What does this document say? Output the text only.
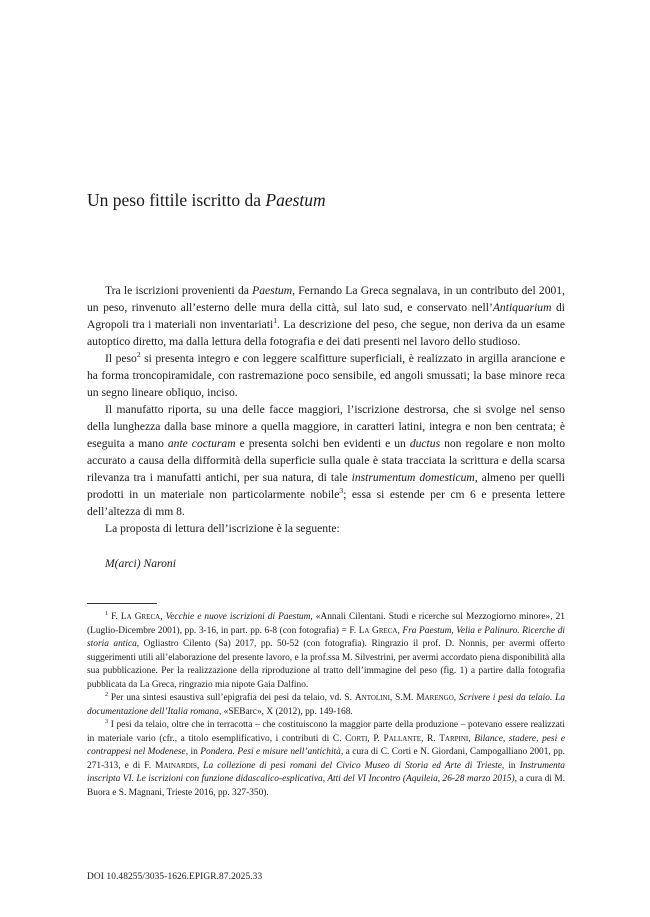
Un peso fittile iscritto da Paestum

Tra le iscrizioni provenienti da Paestum, Fernando La Greca segnalava, in un contributo del 2001, un peso, rinvenuto all’esterno delle mura della città, sul lato sud, e conservato nell’Antiquarium di Agropoli tra i materiali non inventariati$^1$. La descrizione del peso, che segue, non deriva da un esame autoptico diretto, ma dalla lettura della fotografia e dei dati presenti nel lavoro dello studioso.

Il peso$^2$ si presenta integro e con leggere scalfitture superficiali, è realizzato in argilla arancione e ha forma troncopiramidale, con rastremazione poco sensibile, ed angoli smussati; la base minore reca un segno lineare obliquo, inciso.

Il manufatto riporta, su una delle facce maggiori, l’iscrizione destrorsa, che si svolge nel senso della lunghezza dalla base minore a quella maggiore, in caratteri latini, integra e non ben centrata; è eseguita a mano ante cocturam e presenta solchi ben evidenti e un ductus non regolare e non molto accurato a causa della difformità della superficie sulla quale è stata tracciata la scrittura e della scarsa rilevanza tra i manufatti antichi, per sua natura, di tale instrumentum domesticum, almeno per quelli prodotti in un materiale non particolarmente nobile$^3$; essa si estende per cm 6 e presenta lettere dell’altezza di mm 8.

La proposta di lettura dell’iscrizione è la seguente:

M(arci) Naroni

$^1$ F. La Greca, Vecchie e nuove iscrizioni di Paestum, «Annali Cilentani. Studi e ricerche sul Mezzogiorno minore», 21 (Luglio-Dicembre 2001), pp. 3-16, in part. pp. 6-8 (con fotografia) = F. La Greca, Fra Paestum, Velia e Palinuro. Ricerche di storia antica, Ogliastro Cilento (Sa) 2017, pp. 50-52 (con fotografia). Ringrazio il prof. D. Nonnis, per avermi offerto suggerimenti utili all’elaborazione del presente lavoro, e la prof.ssa M. Silvestrini, per avermi accordato piena disponibilità alla sua pubblicazione. Per la realizzazione della riproduzione al tratto dell’immagine del peso (fig. 1) a partire dalla fotografia pubblicata da La Greca, ringrazio mia nipote Gaia Dalfino.

$^2$ Per una sintesi esaustiva sull’epigrafia dei pesi da telaio, vd. S. Antolini, S.M. Marengo, Scrivere i pesi da telaio. La documentazione dell’Italia romana, «SEBarc», X (2012), pp. 149-168.

$^3$ I pesi da telaio, oltre che in terracotta – che costituiscono la maggior parte della produzione – potevano essere realizzati in materiale vario (cfr., a titolo esemplificativo, i contributi di C. Corti, P. Pallante, R. Tarpini, Bilance, stadere, pesi e contrappesi nel Modenese, in Pondera. Pesi e misure nell’antichità, a cura di C. Corti e N. Giordani, Campogalliano 2001, pp. 271-313, e di F. Mainardis, La collezione di pesi romani del Civico Museo di Storia ed Arte di Trieste, in Instrumenta inscripta VI. Le iscrizioni con funzione didascalico-esplicativa, Atti del VI Incontro (Aquileia, 26-28 marzo 2015), a cura di M. Buora e S. Magnani, Trieste 2016, pp. 327-350).

DOI 10.48255/3035-1626.EPIGR.87.2025.33
